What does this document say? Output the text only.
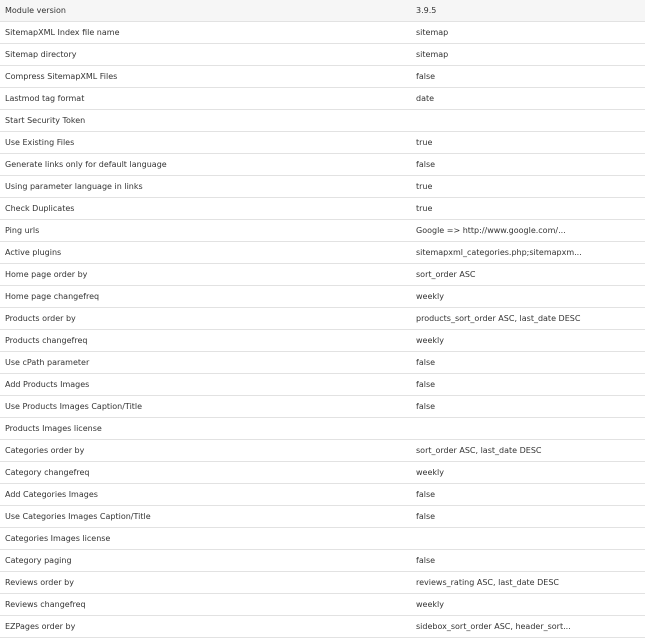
Module version	3.9.5
SitemapXML Index file name	sitemap
Sitemap directory	sitemap
Compress SitemapXML Files	false
Lastmod tag format	date
Start Security Token	
Use Existing Files	true
Generate links only for default language	false
Using parameter language in links	true
Check Duplicates	true
Ping urls	Google => http://www.google.com/...
Active plugins	sitemapxml_categories.php;sitemapxm...
Home page order by	sort_order ASC
Home page changefreq	weekly
Products order by	products_sort_order ASC, last_date DESC
Products changefreq	weekly
Use cPath parameter	false
Add Products Images	false
Use Products Images Caption/Title	false
Products Images license	
Categories order by	sort_order ASC, last_date DESC
Category changefreq	weekly
Add Categories Images	false
Use Categories Images Caption/Title	false
Categories Images license	
Category paging	false
Reviews order by	reviews_rating ASC, last_date DESC
Reviews changefreq	weekly
EZPages order by	sidebox_sort_order ASC, header_sort...
